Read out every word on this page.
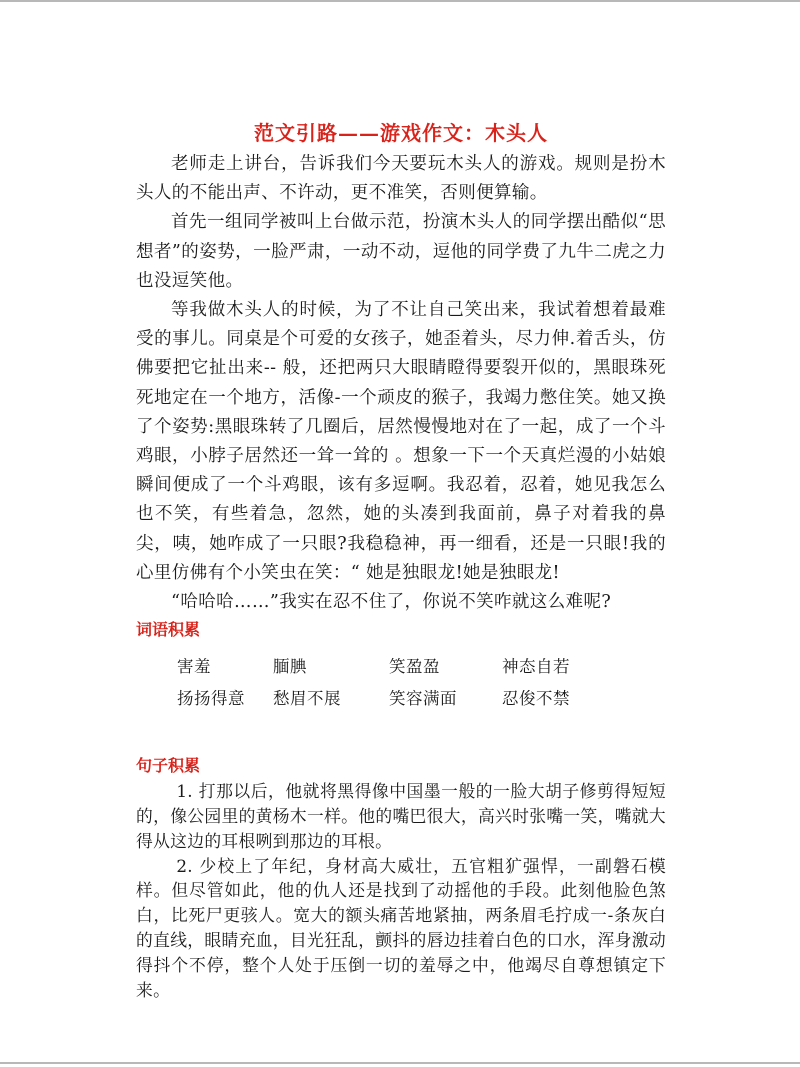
范文引路——游戏作文：木头人

老师走上讲台，告诉我们今天要玩木头人的游戏。规则是扮木头人的不能出声、不许动，更不准笑，否则便算输。

首先一组同学被叫上台做示范，扮演木头人的同学摆出酷似“思想者”的姿势，一脸严肃，一动不动，逗他的同学费了九牛二虎之力也没逗笑他。

等我做木头人的时候，为了不让自己笑出来，我试着想着最难受的事儿。同桌是个可爱的女孩子，她歪着头，尽力伸.着舌头，仿佛要把它扯出来-- 般，还把两只大眼睛瞪得要裂开似的，黑眼珠死死地定在一个地方，活像-一个顽皮的猴子，我竭力憋住笑。她又换了个姿势:黑眼珠转了几圈后，居然慢慢地对在了一起，成了一个斗鸡眼，小脖子居然还一耸一耸的 。想象一下一个天真烂漫的小姑娘瞬间便成了一个斗鸡眼，该有多逗啊。我忍着，忍着，她见我怎么也不笑，有些着急，忽然，她的头凑到我面前，鼻子对着我的鼻尖，咦，她咋成了一只眼?我稳稳神，再一细看，还是一只眼!我的心里仿佛有个小笑虫在笑：“ 她是独眼龙!她是独眼龙!

“哈哈哈……”我实在忍不住了，你说不笑咋就这么难呢?

词语积累
害羞	腼腆	笑盈盈	神态自若
扬扬得意	愁眉不展	笑容满面	忍俊不禁
句子积累

1. 打那以后，他就将黑得像中国墨一般的一脸大胡子修剪得短短的，像公园里的黄杨木一样。他的嘴巴很大，高兴时张嘴一笑，嘴就大得从这边的耳根咧到那边的耳根。

2. 少校上了年纪，身材高大威壮，五官粗犷强悍，一副磐石模样。但尽管如此，他的仇人还是找到了动摇他的手段。此刻他脸色煞白，比死尸更骇人。宽大的额头痛苦地紧抽，两条眉毛拧成一-条灰白的直线，眼睛充血，目光狂乱，颤抖的唇边挂着白色的口水，浑身激动得抖个不停，整个人处于压倒一切的羞辱之中，他竭尽自尊想镇定下来。
